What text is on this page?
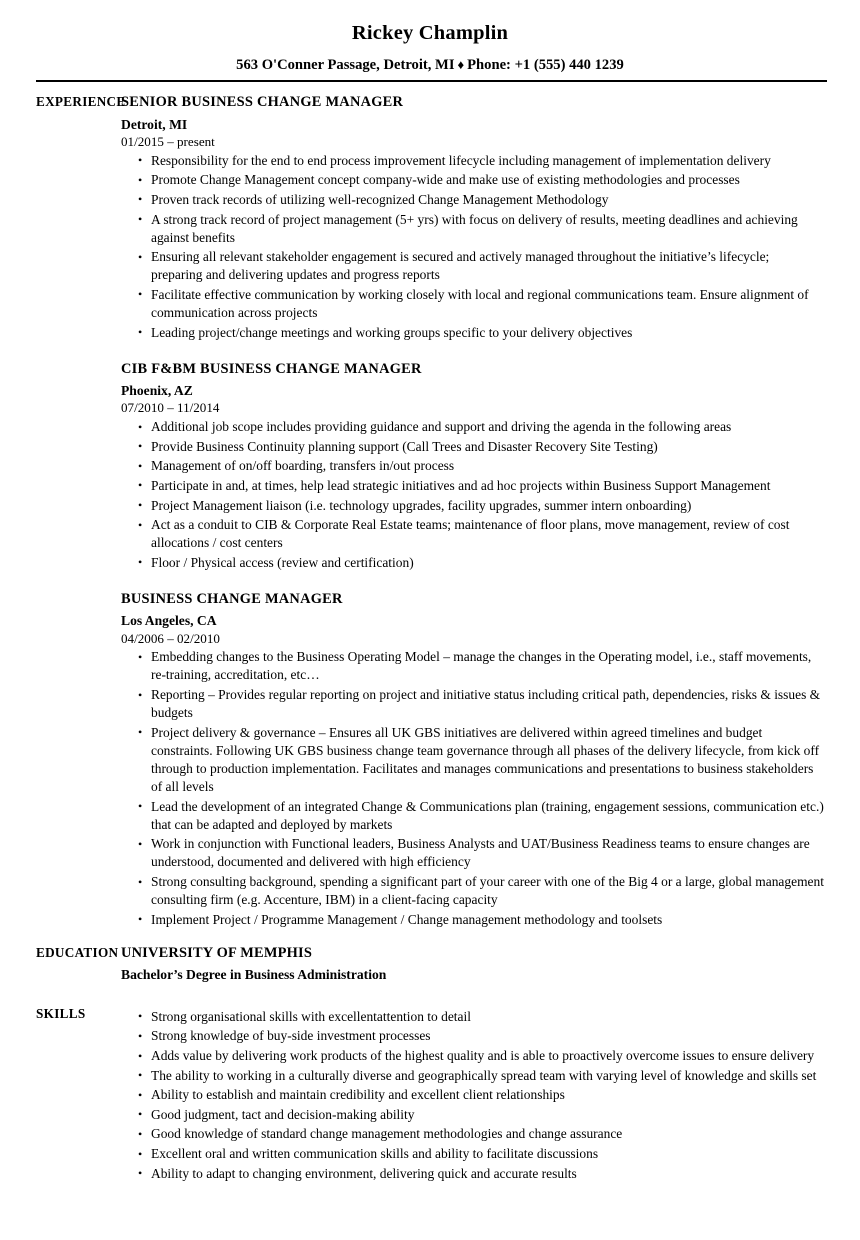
Rickey Champlin
563 O'Conner Passage, Detroit, MI ♦ Phone: +1 (555) 440 1239
EXPERIENCE
SENIOR BUSINESS CHANGE MANAGER
Detroit, MI
01/2015 – present
• Responsibility for the end to end process improvement lifecycle including management of implementation delivery
• Promote Change Management concept company-wide and make use of existing methodologies and processes
• Proven track records of utilizing well-recognized Change Management Methodology
• A strong track record of project management (5+ yrs) with focus on delivery of results, meeting deadlines and achieving against benefits
• Ensuring all relevant stakeholder engagement is secured and actively managed throughout the initiative’s lifecycle; preparing and delivering updates and progress reports
• Facilitate effective communication by working closely with local and regional communications team. Ensure alignment of communication across projects
• Leading project/change meetings and working groups specific to your delivery objectives
CIB F&BM BUSINESS CHANGE MANAGER
Phoenix, AZ
07/2010 – 11/2014
• Additional job scope includes providing guidance and support and driving the agenda in the following areas
• Provide Business Continuity planning support (Call Trees and Disaster Recovery Site Testing)
• Management of on/off boarding, transfers in/out process
• Participate in and, at times, help lead strategic initiatives and ad hoc projects within Business Support Management
• Project Management liaison (i.e. technology upgrades, facility upgrades, summer intern onboarding)
• Act as a conduit to CIB & Corporate Real Estate teams; maintenance of floor plans, move management, review of cost allocations / cost centers
• Floor / Physical access (review and certification)
BUSINESS CHANGE MANAGER
Los Angeles, CA
04/2006 – 02/2010
• Embedding changes to the Business Operating Model – manage the changes in the Operating model, i.e., staff movements, re-training, accreditation, etc…
• Reporting – Provides regular reporting on project and initiative status including critical path, dependencies, risks & issues & budgets
• Project delivery & governance – Ensures all UK GBS initiatives are delivered within agreed timelines and budget constraints. Following UK GBS business change team governance through all phases of the delivery lifecycle, from kick off through to production implementation. Facilitates and manages communications and presentations to business stakeholders of all levels
• Lead the development of an integrated Change & Communications plan (training, engagement sessions, communication etc.) that can be adapted and deployed by markets
• Work in conjunction with Functional leaders, Business Analysts and UAT/Business Readiness teams to ensure changes are understood, documented and delivered with high efficiency
• Strong consulting background, spending a significant part of your career with one of the Big 4 or a large, global management consulting firm (e.g. Accenture, IBM) in a client-facing capacity
• Implement Project / Programme Management / Change management methodology and toolsets
EDUCATION UNIVERSITY OF MEMPHIS
Bachelor’s Degree in Business Administration
SKILLS	• Strong organisational skills with excellentattention to detail
• Strong knowledge of buy-side investment processes
• Adds value by delivering work products of the highest quality and is able to proactively overcome issues to ensure delivery
• The ability to working in a culturally diverse and geographically spread team with varying level of knowledge and skills set
• Ability to establish and maintain credibility and excellent client relationships
• Good judgment, tact and decision-making ability
• Good knowledge of standard change management methodologies and change assurance
• Excellent oral and written communication skills and ability to facilitate discussions
• Ability to adapt to changing environment, delivering quick and accurate results
